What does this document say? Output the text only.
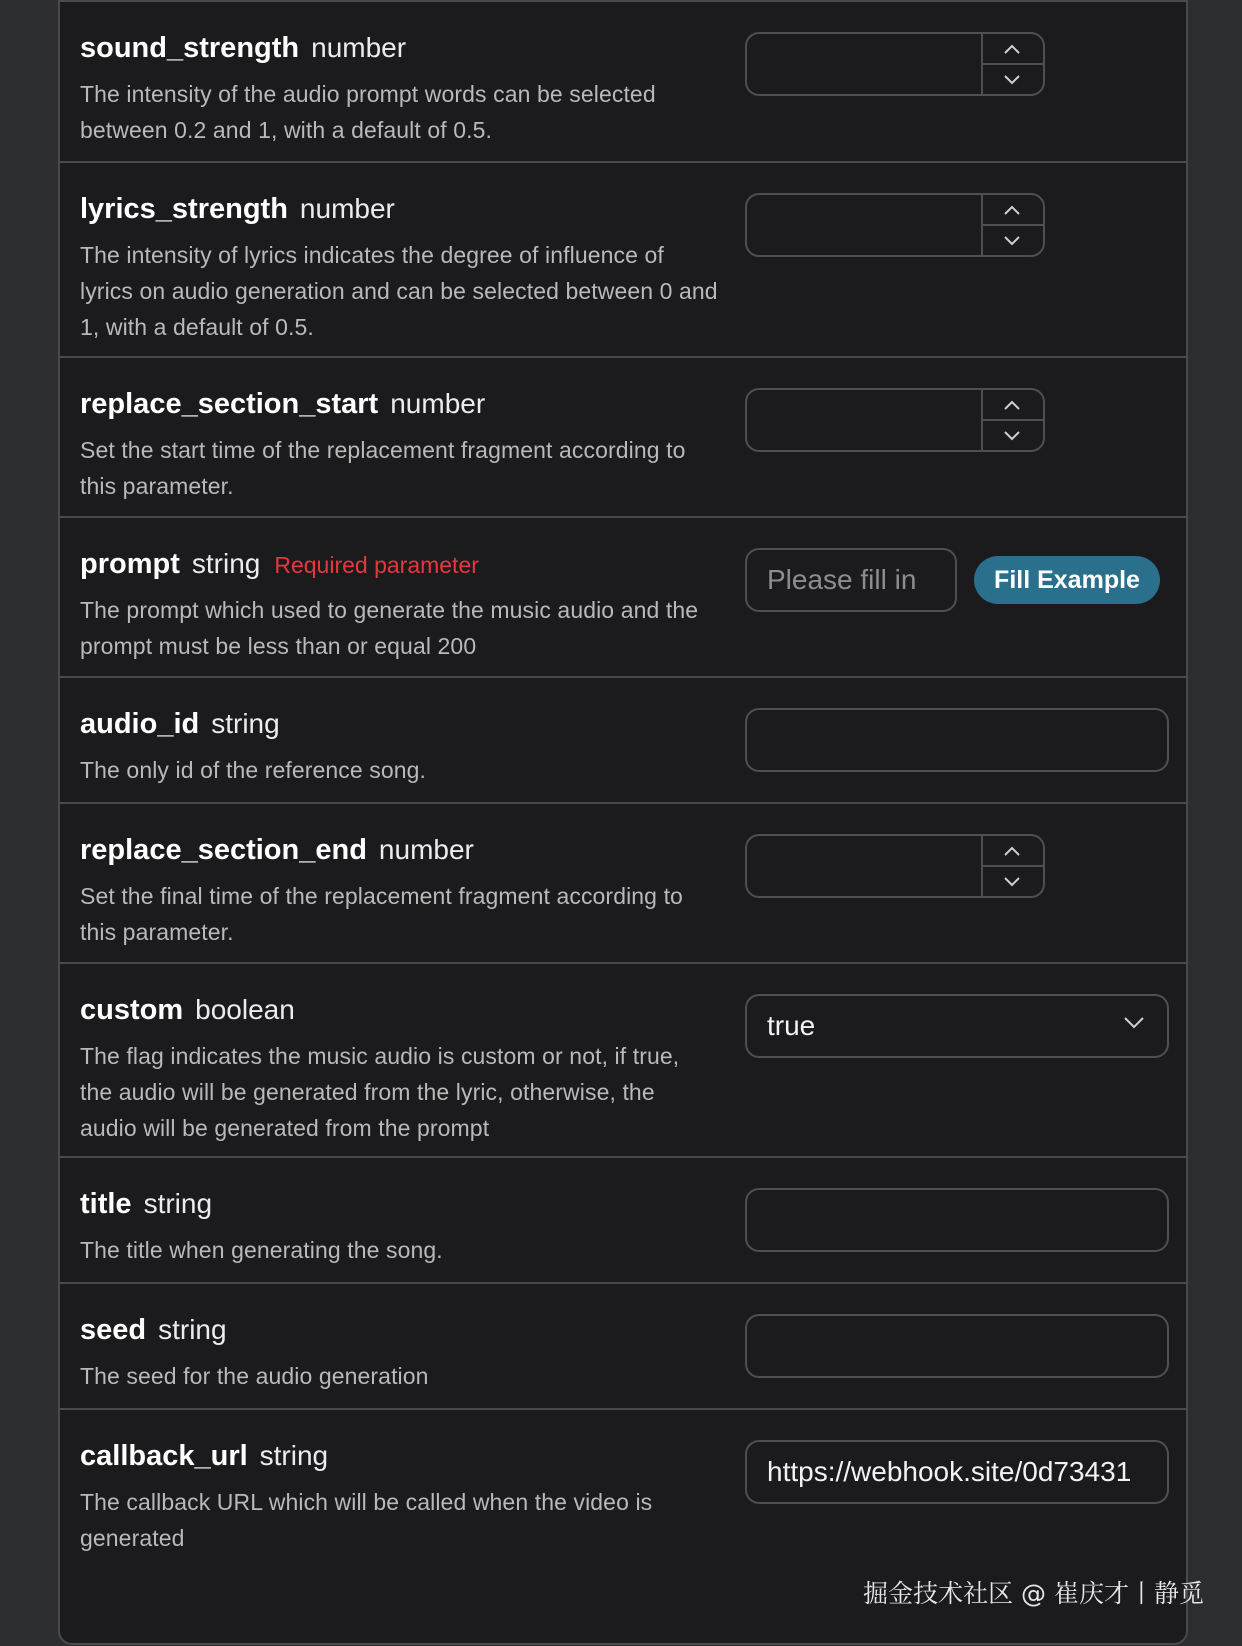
sound_strength number
The intensity of the audio prompt words can be selected between 0.2 and 1, with a default of 0.5.
lyrics_strength number
The intensity of lyrics indicates the degree of influence of lyrics on audio generation and can be selected between 0 and 1, with a default of 0.5.
replace_section_start number
Set the start time of the replacement fragment according to this parameter.
prompt string Required parameter
The prompt which used to generate the music audio and the prompt must be less than or equal 200
Please fill in	Fill Example
audio_id string
The only id of the reference song.
replace_section_end number
Set the final time of the replacement fragment according to this parameter.
custom boolean
The flag indicates the music audio is custom or not, if true, the audio will be generated from the lyric, otherwise, the audio will be generated from the prompt
true
title string
The title when generating the song.
seed string
The seed for the audio generation
callback_url string
The callback URL which will be called when the video is generated
https://webhook.site/0d73431
掘金技术社区 @ 崔庆才丨静觅
